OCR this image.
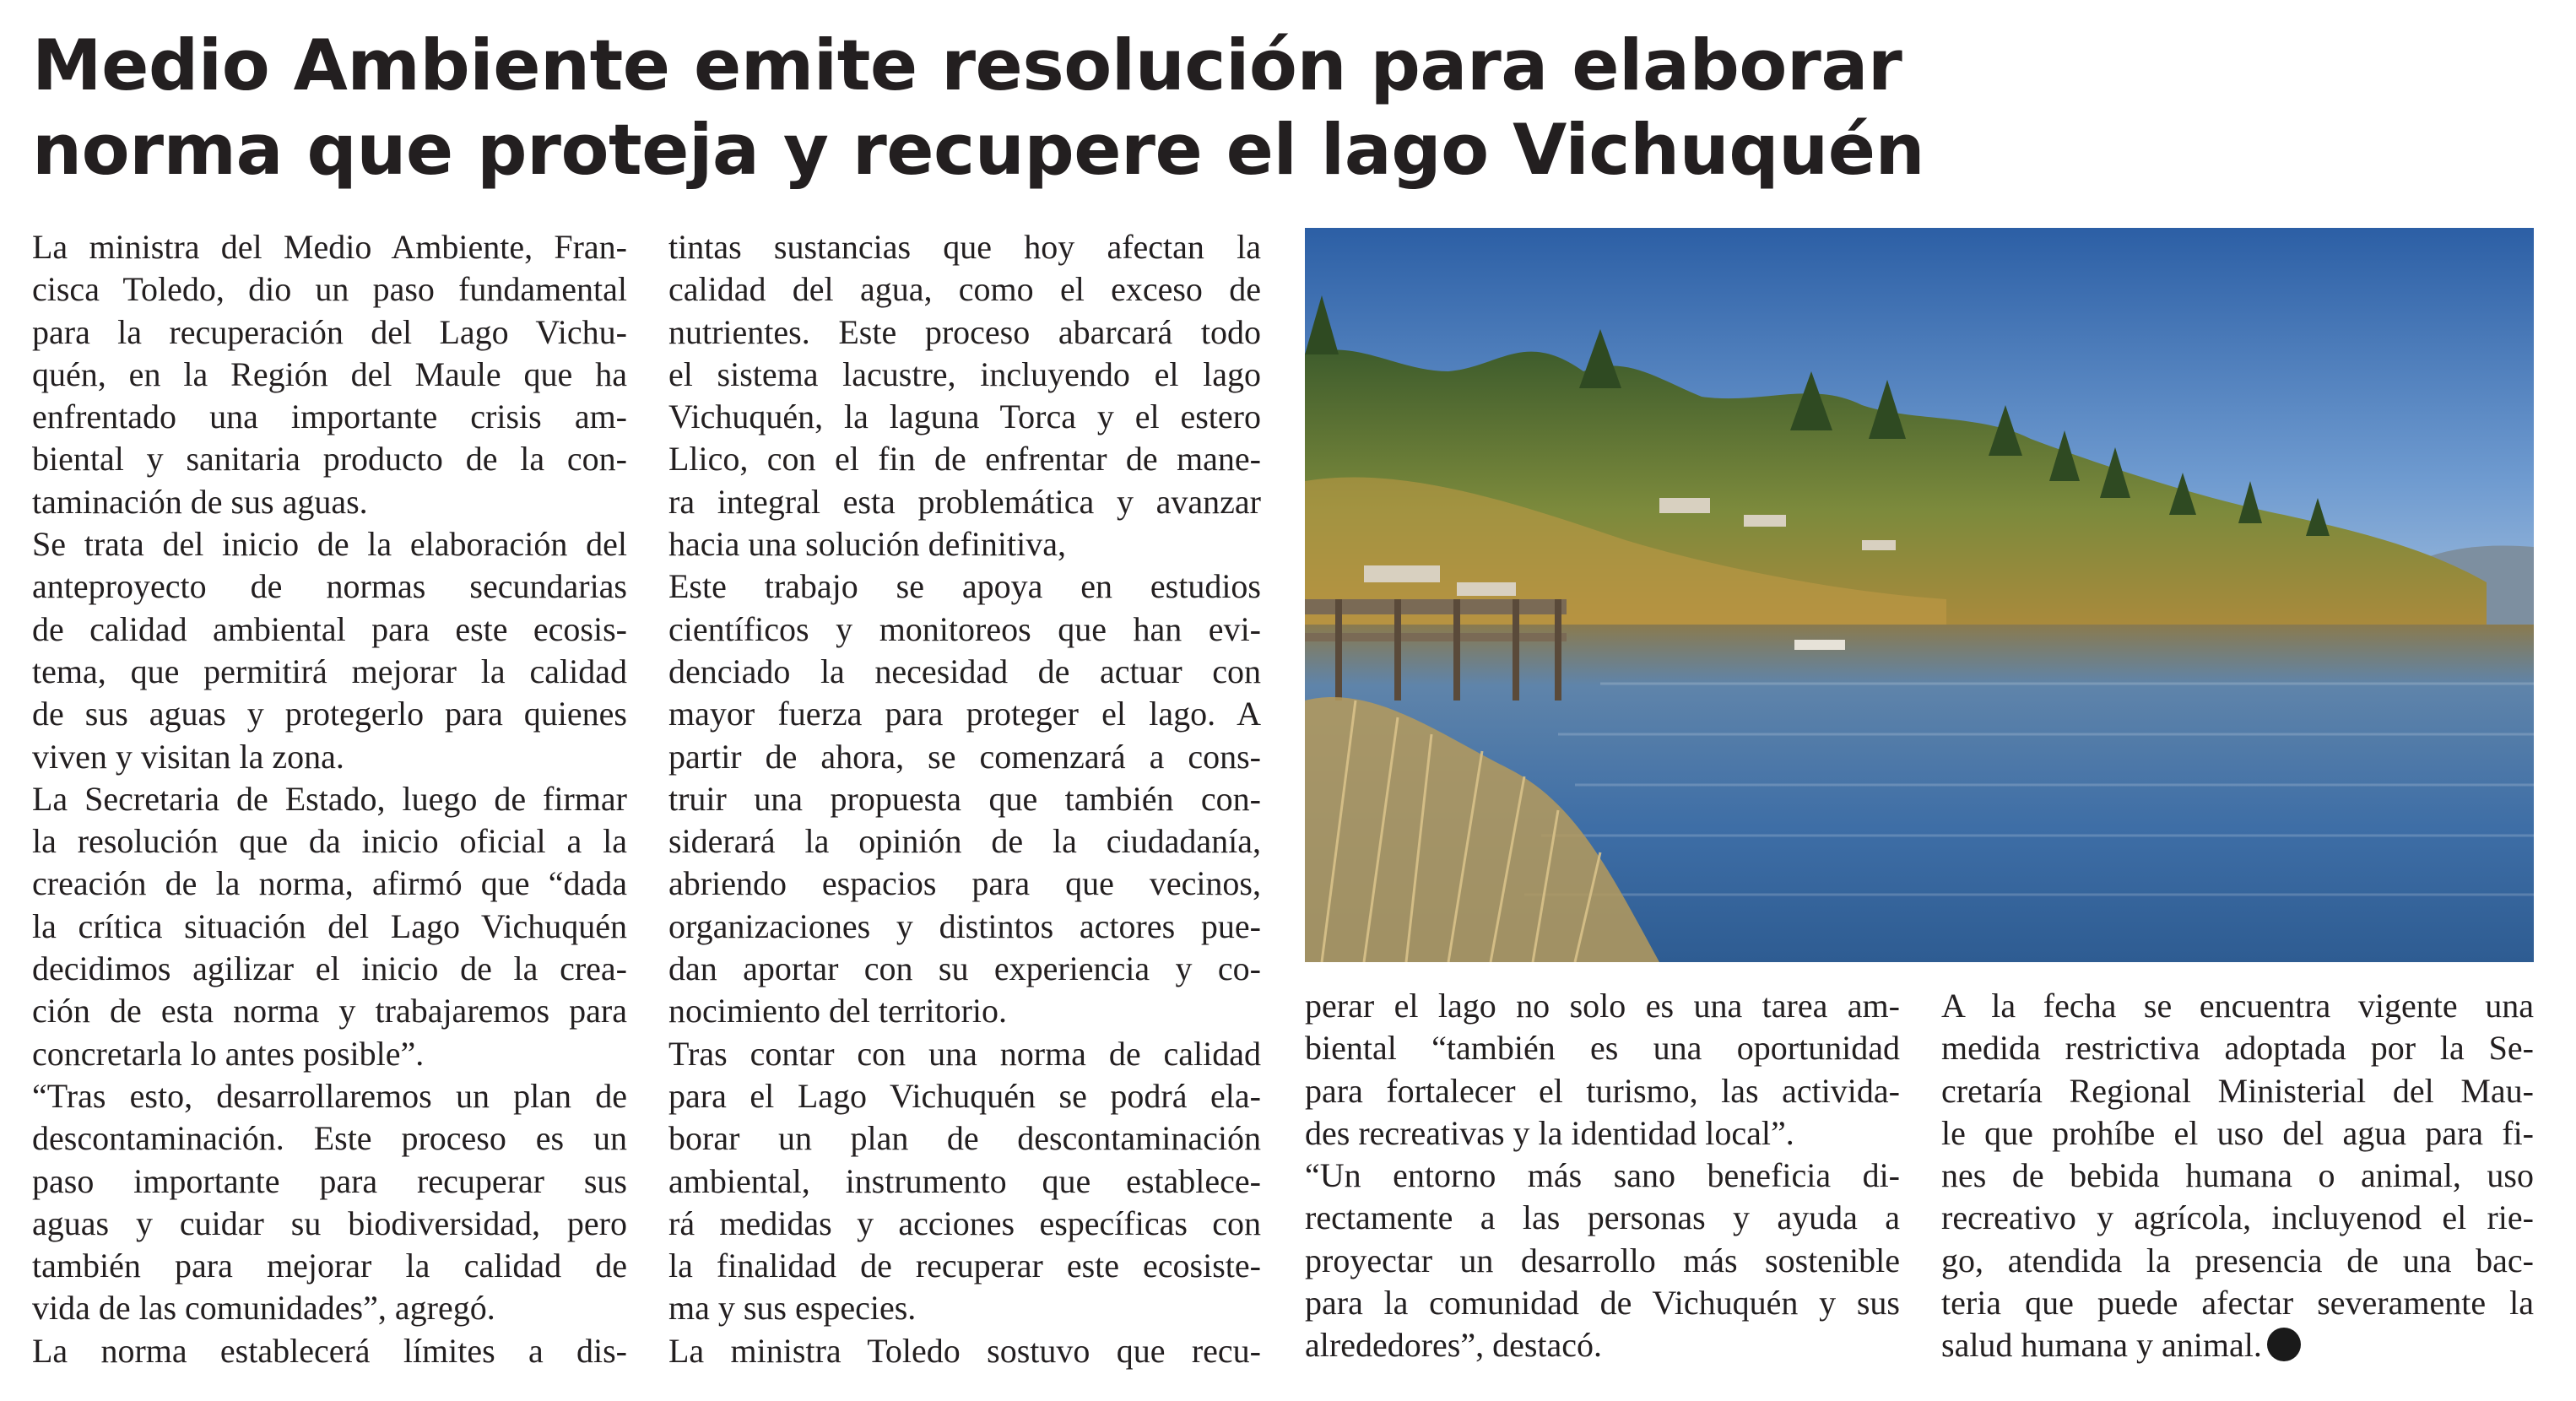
Medio Ambiente emite resolución para elaborar
norma que proteja y recupere el lago Vichuquén
La ministra del Medio Ambiente, Fran-
cisca Toledo, dio un paso fundamental
para la recuperación del Lago Vichu-
quén, en la Región del Maule que ha
enfrentado una importante crisis am-
biental y sanitaria producto de la con-
taminación de sus aguas.
Se trata del inicio de la elaboración del
anteproyecto de normas secundarias
de calidad ambiental para este ecosis-
tema, que permitirá mejorar la calidad
de sus aguas y protegerlo para quienes
viven y visitan la zona.
La Secretaria de Estado, luego de firmar
la resolución que da inicio oficial a la
creación de la norma, afirmó que “dada
la crítica situación del Lago Vichuquén
decidimos agilizar el inicio de la crea-
ción de esta norma y trabajaremos para
concretarla lo antes posible”.
“Tras esto, desarrollaremos un plan de
descontaminación. Este proceso es un
paso importante para recuperar sus
aguas y cuidar su biodiversidad, pero
también para mejorar la calidad de
vida de las comunidades”, agregó.
La norma establecerá límites a dis-
tintas sustancias que hoy afectan la
calidad del agua, como el exceso de
nutrientes. Este proceso abarcará todo
el sistema lacustre, incluyendo el lago
Vichuquén, la laguna Torca y el estero
Llico, con el fin de enfrentar de mane-
ra integral esta problemática y avanzar
hacia una solución definitiva,
Este trabajo se apoya en estudios
científicos y monitoreos que han evi-
denciado la necesidad de actuar con
mayor fuerza para proteger el lago. A
partir de ahora, se comenzará a cons-
truir una propuesta que también con-
siderará la opinión de la ciudadanía,
abriendo espacios para que vecinos,
organizaciones y distintos actores pue-
dan aportar con su experiencia y co-
nocimiento del territorio.
Tras contar con una norma de calidad
para el Lago Vichuquén se podrá ela-
borar un plan de descontaminación
ambiental, instrumento que establece-
rá medidas y acciones específicas con
la finalidad de recuperar este ecosiste-
ma y sus especies.
La ministra Toledo sostuvo que recu-
perar el lago no solo es una tarea am-
biental “también es una oportunidad
para fortalecer el turismo, las activida-
des recreativas y la identidad local”.
“Un entorno más sano beneficia di-
rectamente a las personas y ayuda a
proyectar un desarrollo más sostenible
para la comunidad de Vichuquén y sus
alrededores”, destacó.
A la fecha se encuentra vigente una
medida restrictiva adoptada por la Se-
cretaría Regional Ministerial del Mau-
le que prohíbe el uso del agua para fi-
nes de bebida humana o animal, uso
recreativo y agrícola, incluyenod el rie-
go, atendida la presencia de una bac-
teria que puede afectar severamente la
salud humana y animal.
